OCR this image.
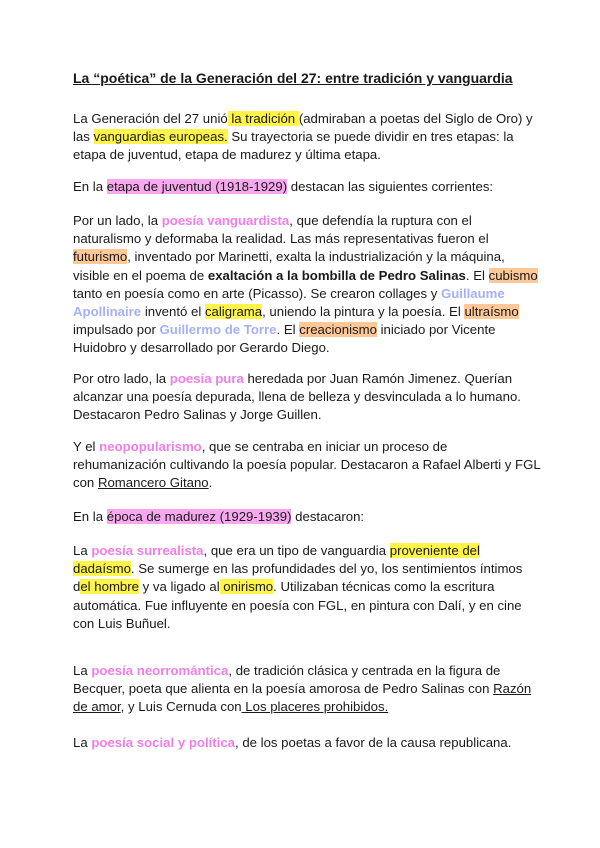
La “poética” de la Generación del 27: entre tradición y vanguardia

La Generación del 27 unió la tradición (admiraban a poetas del Siglo de Oro) y las vanguardias europeas. Su trayectoria se puede dividir en tres etapas: la etapa de juventud, etapa de madurez y última etapa.

En la etapa de juventud (1918-1929) destacan las siguientes corrientes:

Por un lado, la poesía vanguardista, que defendía la ruptura con el naturalismo y deformaba la realidad. Las más representativas fueron el futurismo, inventado por Marinetti, exalta la industrialización y la máquina, visible en el poema de exaltación a la bombilla de Pedro Salinas. El cubismo tanto en poesía como en arte (Picasso). Se crearon collages y Guillaume Apollinaire inventó el caligrama, uniendo la pintura y la poesía. El ultraísmo impulsado por Guillermo de Torre. El creacionismo iniciado por Vicente Huidobro y desarrollado por Gerardo Diego.

Por otro lado, la poesía pura heredada por Juan Ramón Jimenez. Querían alcanzar una poesía depurada, llena de belleza y desvinculada a lo humano. Destacaron Pedro Salinas y Jorge Guillen.

Y el neopopularismo, que se centraba en iniciar un proceso de rehumanización cultivando la poesía popular. Destacaron a Rafael Alberti y FGL con Romancero Gitano.

En la época de madurez (1929-1939) destacaron:

La poesía surrealista, que era un tipo de vanguardia proveniente del dadaísmo. Se sumerge en las profundidades del yo, los sentimientos íntimos del hombre y va ligado al onirismo. Utilizaban técnicas como la escritura automática. Fue influyente en poesía con FGL, en pintura con Dalí, y en cine con Luis Buñuel.

La poesía neorromántica, de tradición clásica y centrada en la figura de Becquer, poeta que alienta en la poesía amorosa de Pedro Salinas con Razón de amor, y Luis Cernuda con Los placeres prohibidos.

La poesía social y política, de los poetas a favor de la causa republicana.
